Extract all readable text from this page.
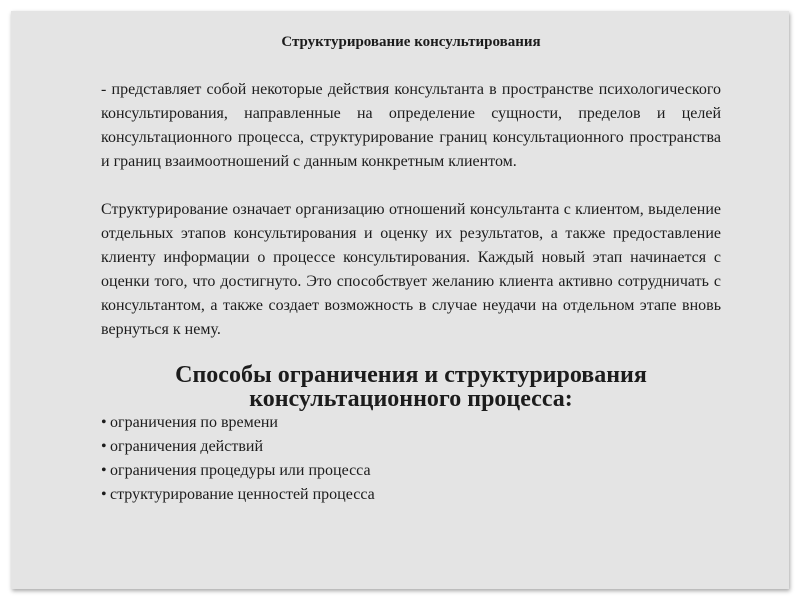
Структурирование консультирования

- представляет собой некоторые действия консультанта в пространстве психологического консультирования, направленные на определение сущности, пределов и целей консультационного процесса, структурирование границ консультационного пространства и границ взаимоотношений с данным конкретным клиентом.

Структурирование означает организацию отношений консультанта с клиентом, выделение отдельных этапов консультирования и оценку их результатов, а также предоставление клиенту информации о процессе консультирования. Каждый новый этап начинается с оценки того, что достигнуто. Это способствует желанию клиента активно сотрудничать с консультантом, а также создает возможность в случае неудачи на отдельном этапе вновь вернуться к нему.

Способы ограничения и структурирования
консультационного процесса:
• ограничения по времени
• ограничения действий
• ограничения процедуры или процесса
• структурирование ценностей процесса
